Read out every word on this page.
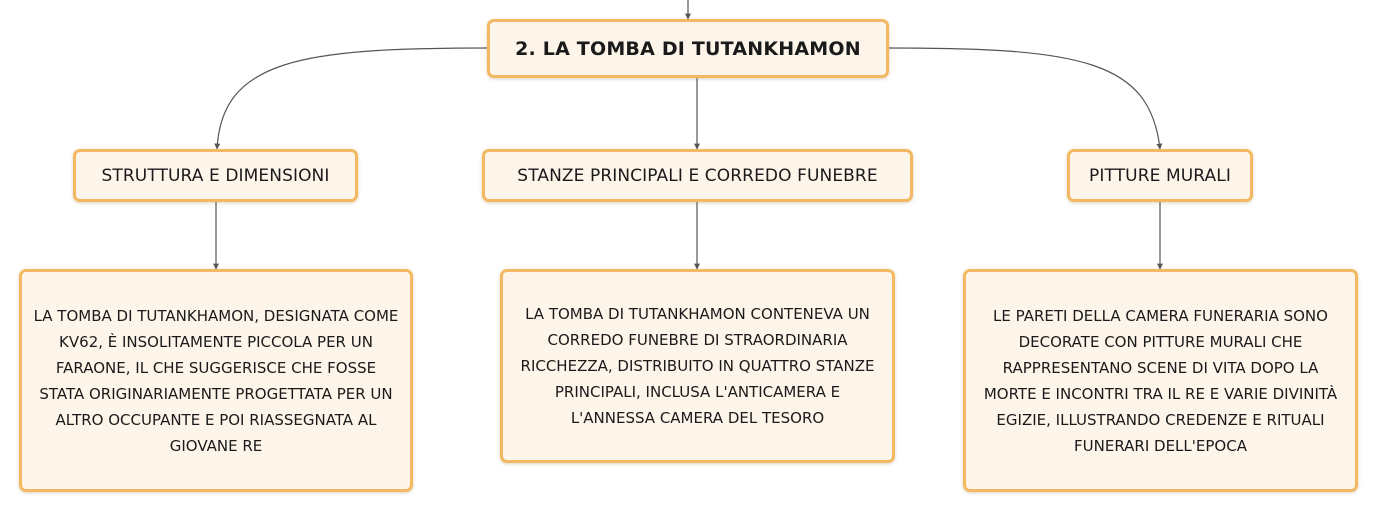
2. LA TOMBA DI TUTANKHAMON
STRUTTURA E DIMENSIONI	STANZE PRINCIPALI E CORREDO FUNEBRE	PITTURE MURALI
LA TOMBA DI TUTANKHAMON, DESIGNATA COME KV62, È INSOLITAMENTE PICCOLA PER UN FARAONE, IL CHE SUGGERISCE CHE FOSSE STATA ORIGINARIAMENTE PROGETTATA PER UN ALTRO OCCUPANTE E POI RIASSEGNATA AL GIOVANE RE
LA TOMBA DI TUTANKHAMON CONTENEVA UN CORREDO FUNEBRE DI STRAORDINARIA RICCHEZZA, DISTRIBUITO IN QUATTRO STANZE PRINCIPALI, INCLUSA L'ANTICAMERA E L'ANNESSA CAMERA DEL TESORO
LE PARETI DELLA CAMERA FUNERARIA SONO DECORATE CON PITTURE MURALI CHE RAPPRESENTANO SCENE DI VITA DOPO LA MORTE E INCONTRI TRA IL RE E VARIE DIVINITÀ EGIZIE, ILLUSTRANDO CREDENZE E RITUALI FUNERARI DELL'EPOCA
